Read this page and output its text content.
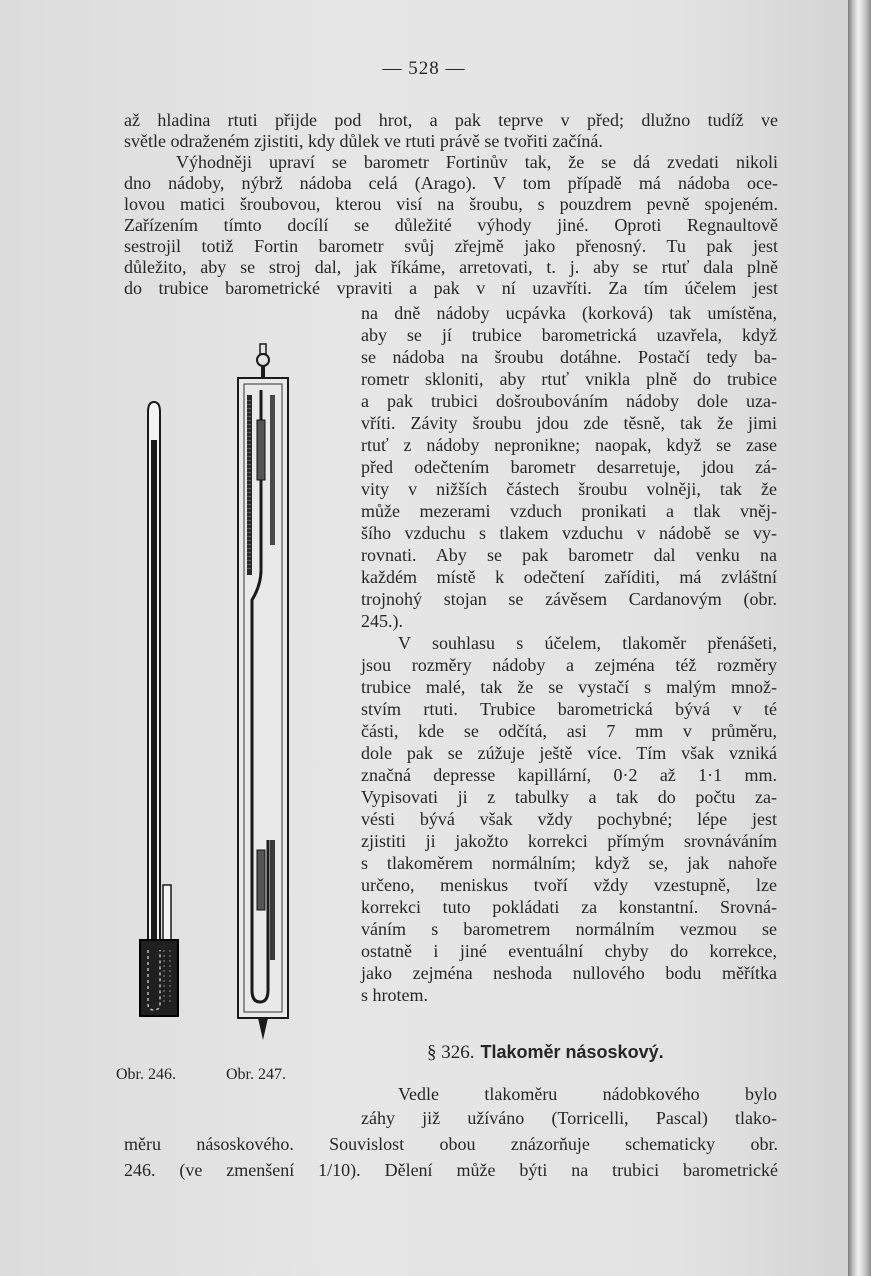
— 528 —
až hladina rtuti přijde pod hrot, a pak teprve v před; dlužno tudíž ve
světle odraženém zjistiti, kdy důlek ve rtuti právě se tvořiti začíná.
Výhodněji upraví se barometr Fortinův tak, že se dá zvedati nikoli
dno nádoby, nýbrž nádoba celá (Arago). V tom případě má nádoba oce-
lovou matici šroubovou, kterou visí na šroubu, s pouzdrem pevně spojeném.
Zařízením tímto docílí se důležité výhody jiné. Oproti Regnaultově
sestrojil totiž Fortin barometr svůj zřejmě jako přenosný. Tu pak jest
důležito, aby se stroj dal, jak říkáme, arretovati, t. j. aby se rtuť dala plně
do trubice barometrické vpraviti a pak v ní uzavříti. Za tím účelem jest
na dně nádoby ucpávka (korková) tak umístěna,
aby se jí trubice barometrická uzavřela, když
se nádoba na šroubu dotáhne. Postačí tedy ba-
rometr skloniti, aby rtuť vnikla plně do trubice
a pak trubici došroubováním nádoby dole uza-
vříti. Závity šroubu jdou zde těsně, tak že jimi
rtuť z nádoby nepronikne; naopak, když se zase
před odečtením barometr desarretuje, jdou zá-
vity v nižších částech šroubu volněji, tak že
může mezerami vzduch pronikati a tlak vněj-
šího vzduchu s tlakem vzduchu v nádobě se vy-
rovnati. Aby se pak barometr dal venku na
každém místě k odečtení zaříditi, má zvláštní
trojnohý stojan se závěsem Cardanovým (obr.
245.).
V souhlasu s účelem, tlakoměr přenášeti,
jsou rozměry nádoby a zejména též rozměry
trubice malé, tak že se vystačí s malým množ-
stvím rtuti. Trubice barometrická bývá v té
části, kde se odčítá, asi 7 mm v průměru,
dole pak se zúžuje ještě více. Tím však vzniká
značná depresse kapillární, 0·2 až 1·1 mm.
Vypisovati ji z tabulky a tak do počtu za-
vésti bývá však vždy pochybné; lépe jest
zjistiti ji jakožto korrekci přímým srovnáváním
s tlakoměrem normálním; když se, jak nahoře
určeno, meniskus tvoří vždy vzestupně, lze
korrekci tuto pokládati za konstantní. Srovná-
váním s barometrem normálním vezmou se
ostatně i jiné eventuální chyby do korrekce,
jako zejména neshoda nullového bodu měřítka
s hrotem.
Obr. 246.	Obr. 247.
§ 326. Tlakoměr násoskový.
Vedle tlakoměru nádobkového bylo
záhy již užíváno (Torricelli, Pascal) tlako-
měru násoskového. Souvislost obou znázorňuje schematicky obr.
246. (ve zmenšení 1/10). Dělení může býti na trubici barometrické
